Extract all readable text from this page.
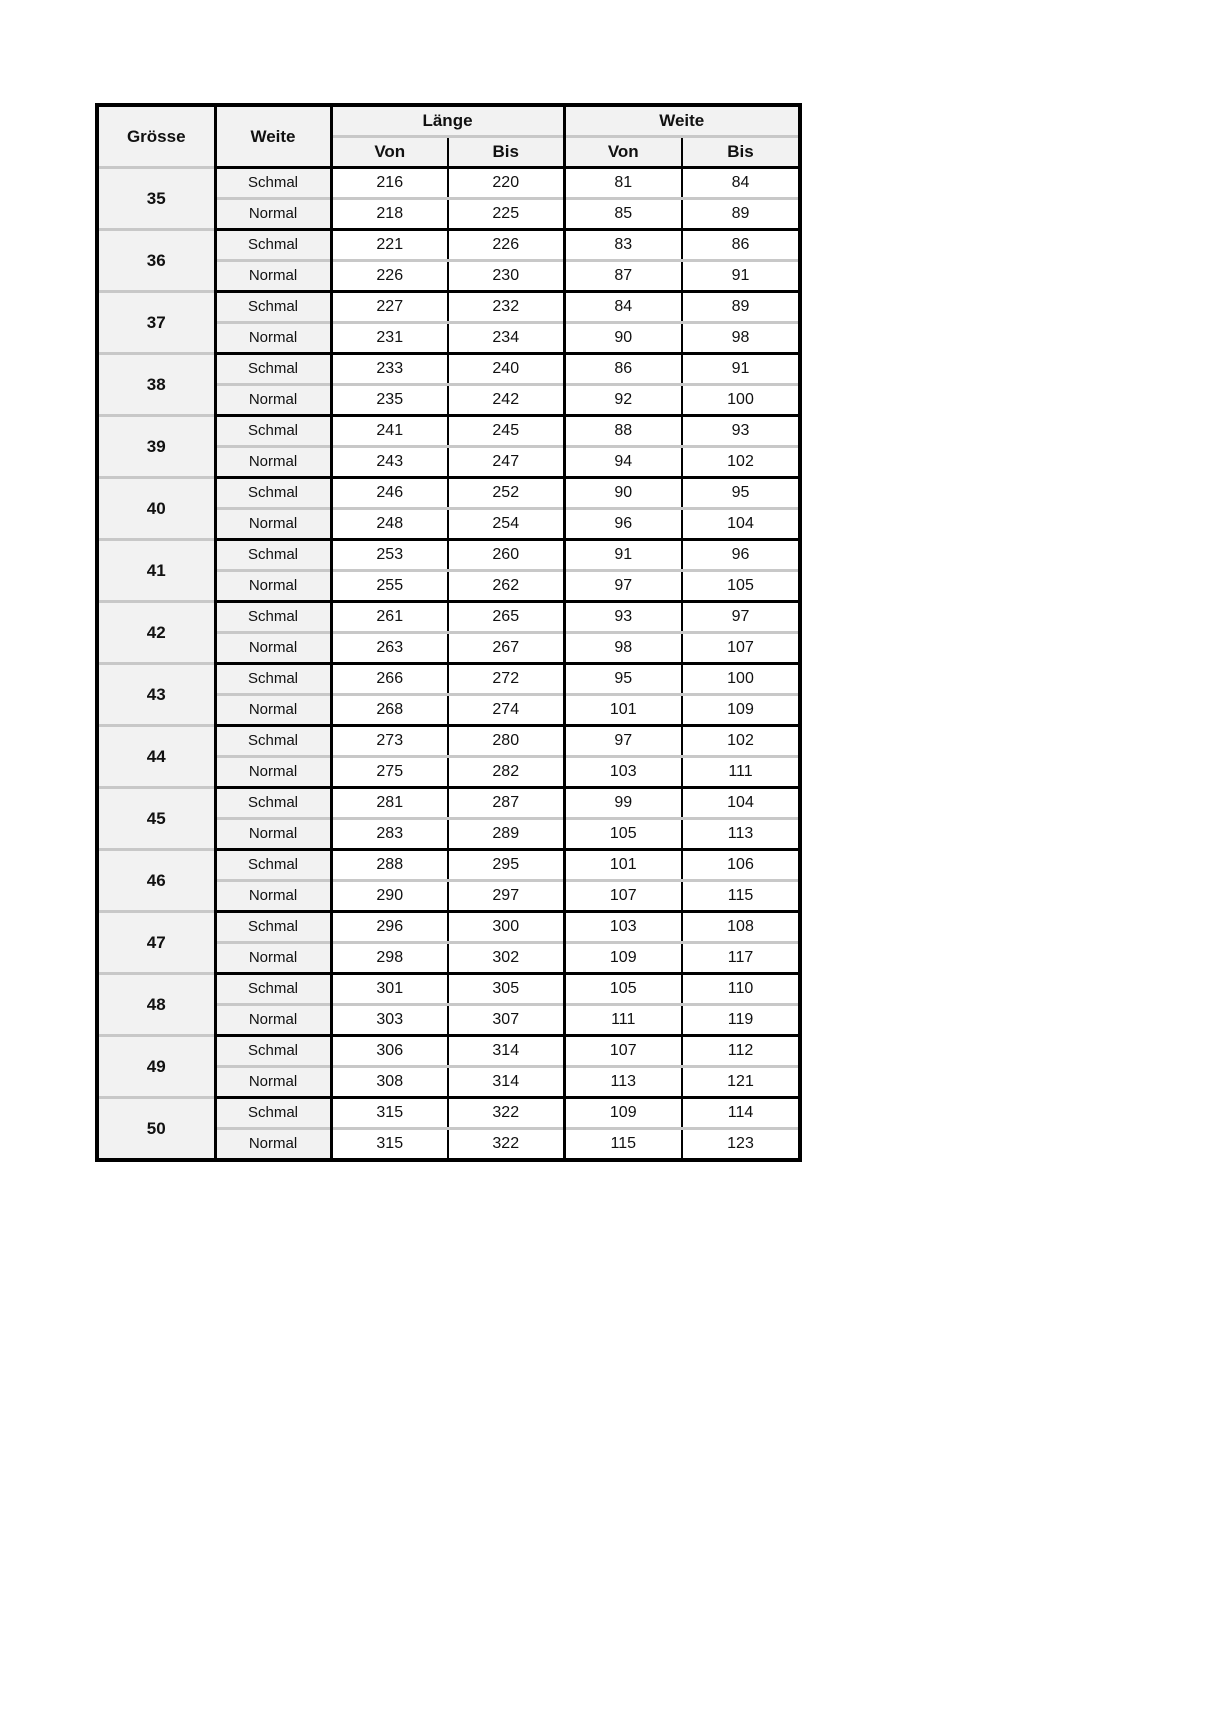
Grösse	Weite	Länge		Weite	
		Von	Bis	Von	Bis
35	Schmal	216	220	81	84
	Normal	218	225	85	89
36	Schmal	221	226	83	86
	Normal	226	230	87	91
37	Schmal	227	232	84	89
	Normal	231	234	90	98
38	Schmal	233	240	86	91
	Normal	235	242	92	100
39	Schmal	241	245	88	93
	Normal	243	247	94	102
40	Schmal	246	252	90	95
	Normal	248	254	96	104
41	Schmal	253	260	91	96
	Normal	255	262	97	105
42	Schmal	261	265	93	97
	Normal	263	267	98	107
43	Schmal	266	272	95	100
	Normal	268	274	101	109
44	Schmal	273	280	97	102
	Normal	275	282	103	111
45	Schmal	281	287	99	104
	Normal	283	289	105	113
46	Schmal	288	295	101	106
	Normal	290	297	107	115
47	Schmal	296	300	103	108
	Normal	298	302	109	117
48	Schmal	301	305	105	110
	Normal	303	307	111	119
49	Schmal	306	314	107	112
	Normal	308	314	113	121
50	Schmal	315	322	109	114
	Normal	315	322	115	123
